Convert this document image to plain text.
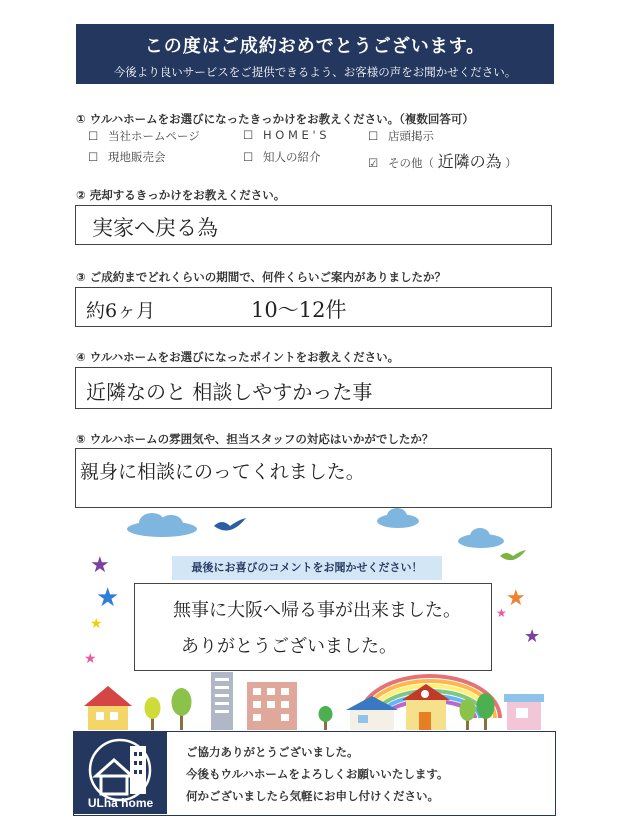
この度はご成約おめでとうございます。
今後より良いサービスをご提供できるよう、お客様の声をお聞かせください。
① ウルハホームをお選びになったきっかけをお教えください。（複数回答可）
☐ 当社ホームページ	☐ H O M E ' S	☐ 店頭掲示
☐ 現地販売会	☐ 知人の紹介	☑ その他（ 近隣の為 ）
② 売却するきっかけをお教えください。
実家へ戻る為
③ ご成約までどれくらいの期間で、何件くらいご案内がありましたか？
約6ヶ月	10〜12件
④ ウルハホームをお選びになったポイントをお教えください。
近隣なのと 相談しやすかった事
⑤ ウルハホームの雰囲気や、担当スタッフの対応はいかがでしたか？
親身に相談にのってくれました。
★
★
★
★
★
★
★
最後にお喜びのコメントをお聞かせください！
無事に大阪へ帰る事が出来ました。
ありがとうございました。
ULha home
ご協力ありがとうございました。
今後もウルハホームをよろしくお願いいたします。
何かございましたら気軽にお申し付けください。
